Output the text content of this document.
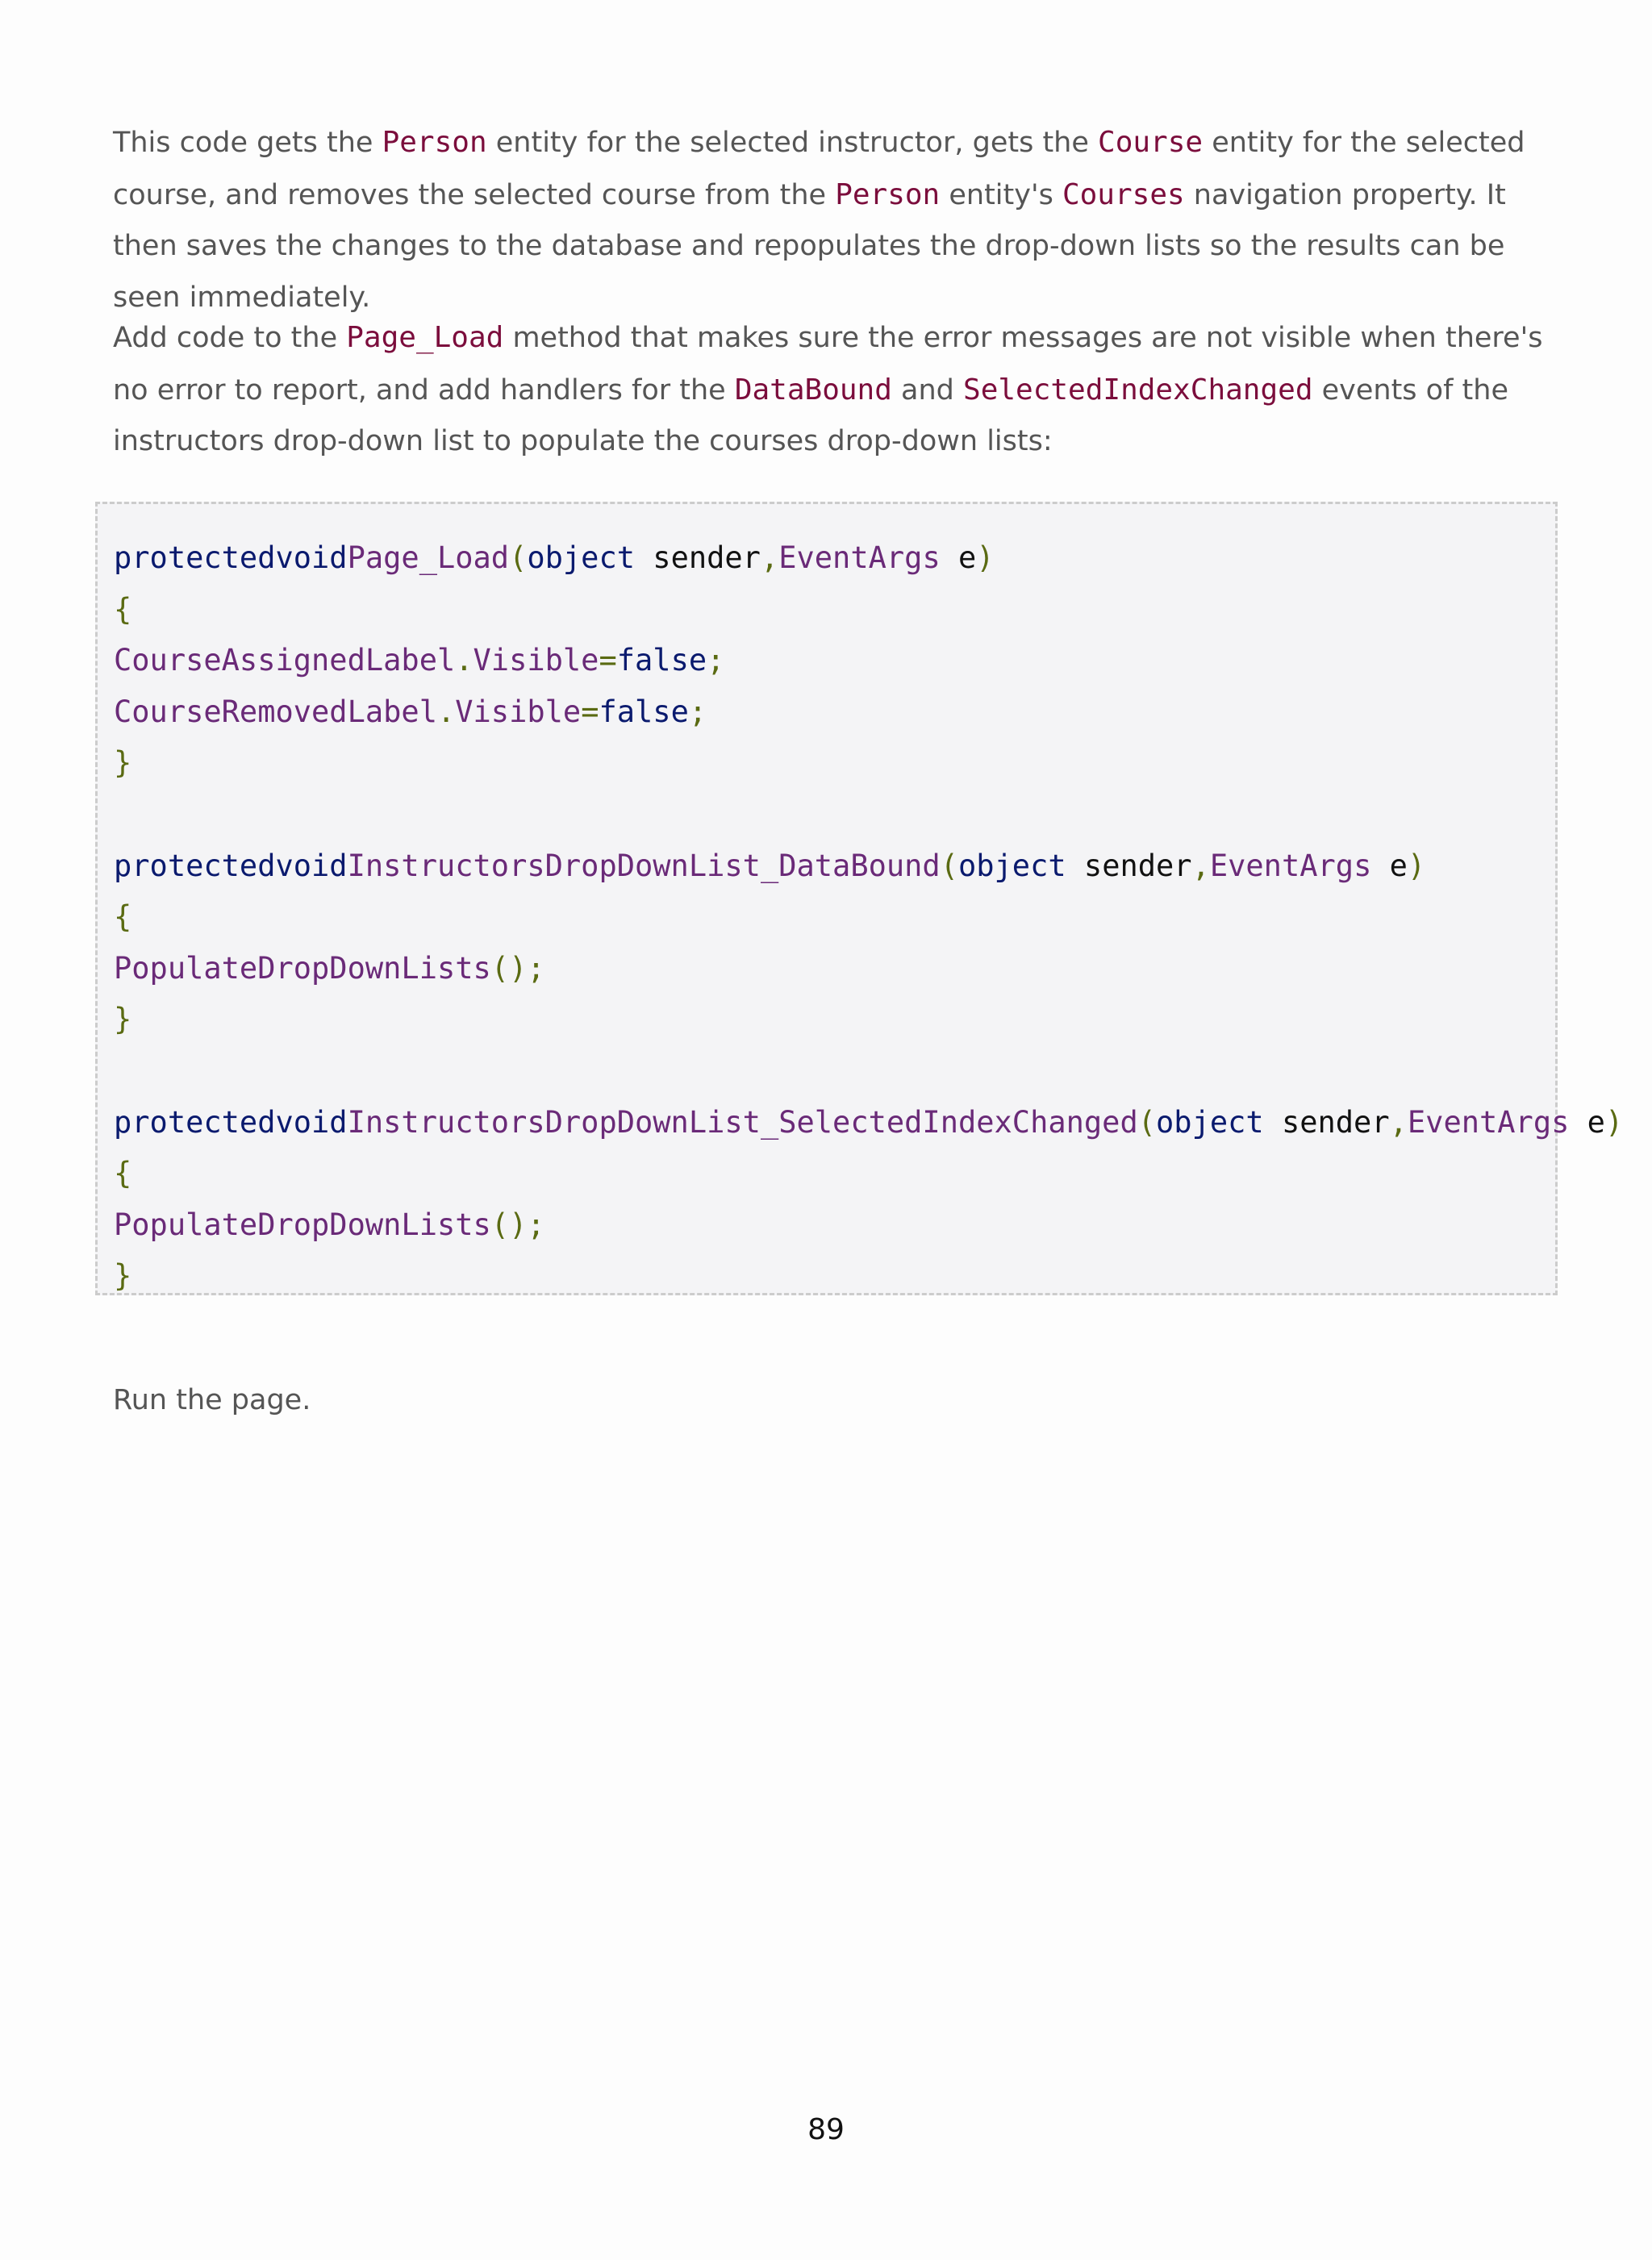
This code gets the Person entity for the selected instructor, gets the Course entity for the selected course, and removes the selected course from the Person entity's Courses navigation property. It then saves the changes to the database and repopulates the drop-down lists so the results can be seen immediately.

Add code to the Page_Load method that makes sure the error messages are not visible when there's no error to report, and add handlers for the DataBound and SelectedIndexChanged events of the instructors drop-down list to populate the courses drop-down lists:

protectedvoidPage_Load(object sender,EventArgs e)
{
CourseAssignedLabel.Visible=false;
CourseRemovedLabel.Visible=false;
}
protectedvoidInstructorsDropDownList_DataBound(object sender,EventArgs e)
{
PopulateDropDownLists();
}
protectedvoidInstructorsDropDownList_SelectedIndexChanged(object sender,EventArgs e)
{
PopulateDropDownLists();
}

Run the page.

89
